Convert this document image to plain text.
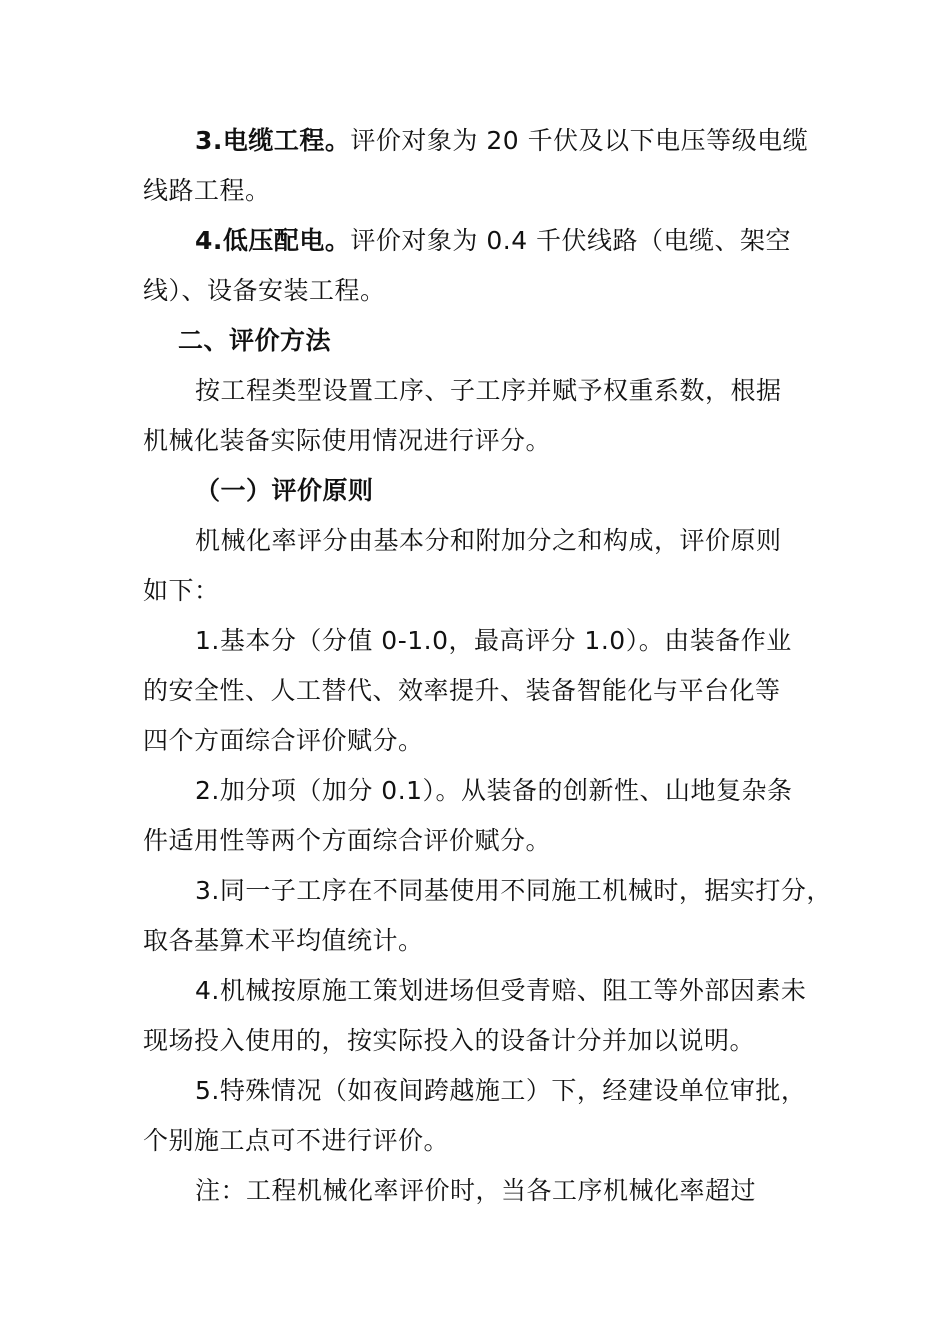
3.电缆工程。评价对象为 20 千伏及以下电压等级电缆
线路工程。
4.低压配电。评价对象为 0.4 千伏线路（电缆、架空
线）、设备安装工程。
二、评价方法
按工程类型设置工序、子工序并赋予权重系数，根据
机械化装备实际使用情况进行评分。
（一）评价原则
机械化率评分由基本分和附加分之和构成，评价原则
如下：
1.基本分（分值 0-1.0，最高评分 1.0）。由装备作业
的安全性、人工替代、效率提升、装备智能化与平台化等
四个方面综合评价赋分。
2.加分项（加分 0.1）。从装备的创新性、山地复杂条
件适用性等两个方面综合评价赋分。
3.同一子工序在不同基使用不同施工机械时，据实打分，
取各基算术平均值统计。
4.机械按原施工策划进场但受青赔、阻工等外部因素未
现场投入使用的，按实际投入的设备计分并加以说明。
5.特殊情况（如夜间跨越施工）下，经建设单位审批，
个别施工点可不进行评价。
注：工程机械化率评价时，当各工序机械化率超过
